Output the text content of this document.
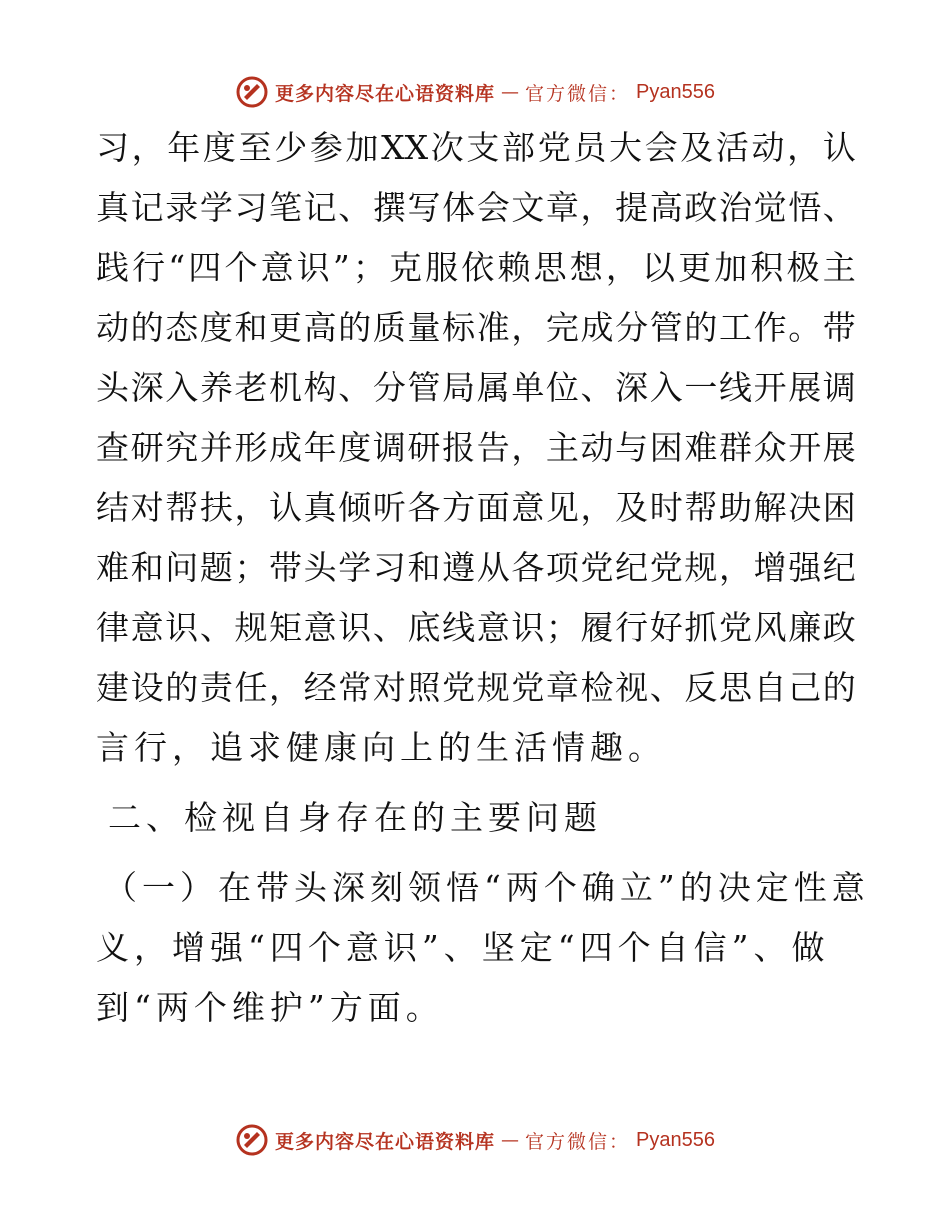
更多内容尽在心语资料库 — 官方微信： Pyan556
习 ， 年 度 至 少 参 加 XX 次 支 部 党 员 大 会 及 活 动 ， 认
真 记 录 学 习 笔 记 、 撰 写 体 会 文 章 ， 提 高 政 治 觉 悟 、
践 行 “ 四 个 意 识 ” ； 克 服 依 赖 思 想 ， 以 更 加 积 极 主
动 的 态 度 和 更 高 的 质 量 标 准 ， 完 成 分 管 的 工 作 。 带
头 深 入 养 老 机 构 、 分 管 局 属 单 位 、 深 入 一 线 开 展 调
查 研 究 并 形 成 年 度 调 研 报 告 ， 主 动 与 困 难 群 众 开 展
结 对 帮 扶 ， 认 真 倾 听 各 方 面 意 见 ， 及 时 帮 助 解 决 困
难 和 问 题 ； 带 头 学 习 和 遵 从 各 项 党 纪 党 规 ， 增 强 纪
律 意 识 、 规 矩 意 识 、 底 线 意 识 ； 履 行 好 抓 党 风 廉 政
建 设 的 责 任 ， 经 常 对 照 党 规 党 章 检 视 、 反 思 自 己 的
言行，追求健康向上的生活情趣。
二、检视自身存在的主要问题
（一）在带头深刻领悟“两个确立”的决定性意
义，增强“四个意识”、坚定“四个自信”、做
到“两个维护”方面。
更多内容尽在心语资料库 — 官方微信： Pyan556
